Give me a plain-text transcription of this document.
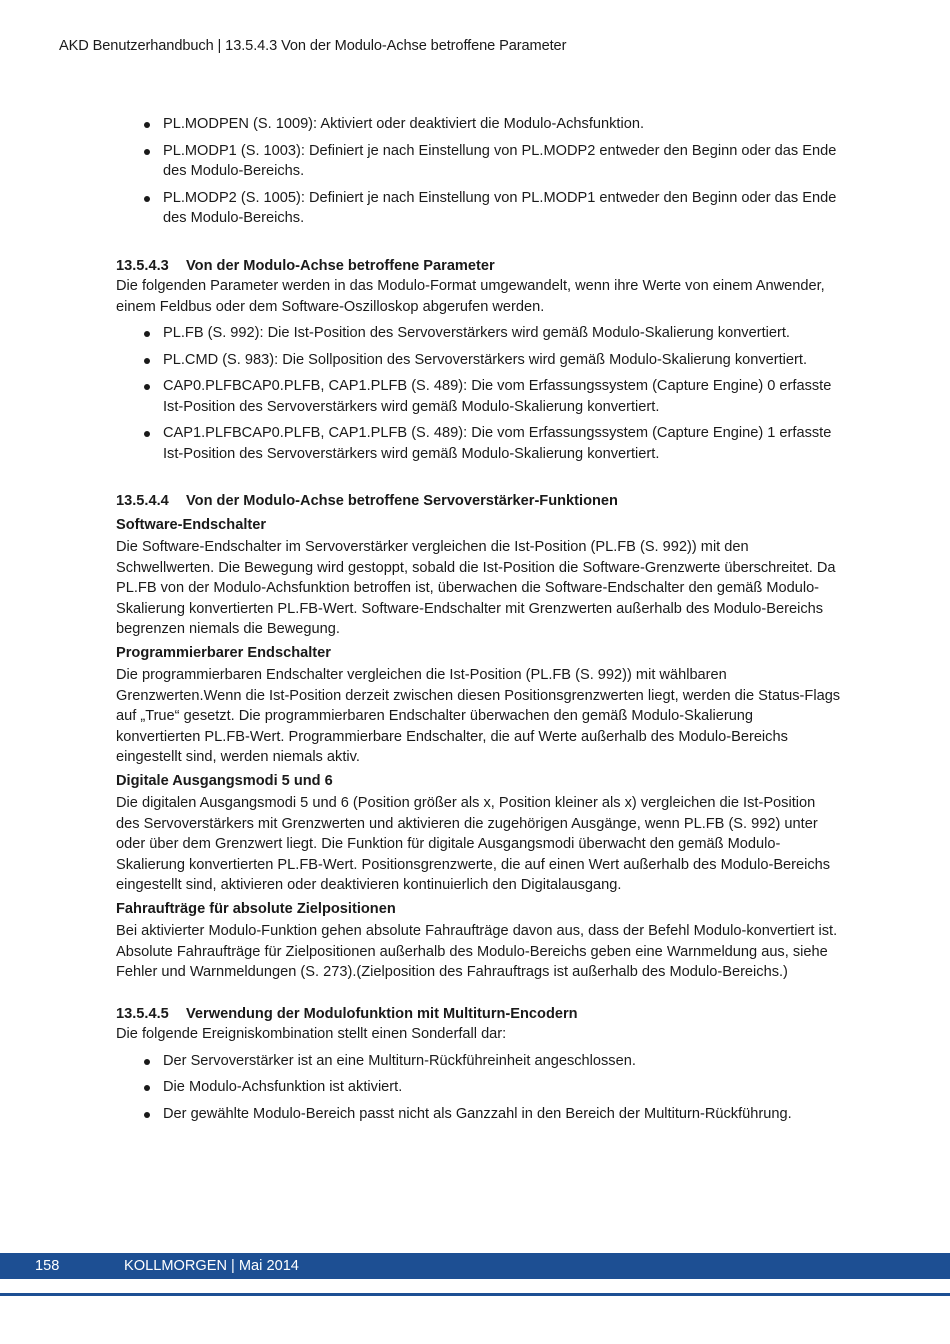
AKD Benutzerhandbuch | 13.5.4.3 Von der Modulo-Achse betroffene Parameter
PL.MODPEN (S. 1009): Aktiviert oder deaktiviert die Modulo-Achsfunktion.
PL.MODP1 (S. 1003): Definiert je nach Einstellung von PL.MODP2 entweder den Beginn oder das Ende des Modulo-Bereichs.
PL.MODP2 (S. 1005): Definiert je nach Einstellung von PL.MODP1 entweder den Beginn oder das Ende des Modulo-Bereichs.
13.5.4.3 Von der Modulo-Achse betroffene Parameter

Die folgenden Parameter werden in das Modulo-Format umgewandelt, wenn ihre Werte von einem Anwender, einem Feldbus oder dem Software-Oszilloskop abgerufen werden.

PL.FB (S. 992): Die Ist-Position des Servoverstärkers wird gemäß Modulo-Skalierung konvertiert.
PL.CMD (S. 983): Die Sollposition des Servoverstärkers wird gemäß Modulo-Skalierung konvertiert.
CAP0.PLFBCAP0.PLFB, CAP1.PLFB (S. 489): Die vom Erfassungssystem (Capture Engine) 0 erfasste Ist-Position des Servoverstärkers wird gemäß Modulo-Skalierung konvertiert.
CAP1.PLFBCAP0.PLFB, CAP1.PLFB (S. 489): Die vom Erfassungssystem (Capture Engine) 1 erfasste Ist-Position des Servoverstärkers wird gemäß Modulo-Skalierung konvertiert.
13.5.4.4 Von der Modulo-Achse betroffene Servoverstärker-Funktionen
Software-Endschalter

Die Software-Endschalter im Servoverstärker vergleichen die Ist-Position (PL.FB (S. 992)) mit den Schwellwerten. Die Bewegung wird gestoppt, sobald die Ist-Position die Software-Grenzwerte überschreitet. Da PL.FB von der Modulo-Achsfunktion betroffen ist, überwachen die Software-Endschalter den gemäß Modulo-Skalierung konvertierten PL.FB-Wert. Software-Endschalter mit Grenzwerten außerhalb des Modulo-Bereichs begrenzen niemals die Bewegung.

Programmierbarer Endschalter

Die programmierbaren Endschalter vergleichen die Ist-Position (PL.FB (S. 992)) mit wählbaren Grenzwerten.Wenn die Ist-Position derzeit zwischen diesen Positionsgrenzwerten liegt, werden die Status-Flags auf „True“ gesetzt. Die programmierbaren Endschalter überwachen den gemäß Modulo-Skalierung konvertierten PL.FB-Wert. Programmierbare Endschalter, die auf Werte außerhalb des Modulo-Bereichs eingestellt sind, werden niemals aktiv.

Digitale Ausgangsmodi 5 und 6

Die digitalen Ausgangsmodi 5 und 6 (Position größer als x, Position kleiner als x) vergleichen die Ist-Position des Servoverstärkers mit Grenzwerten und aktivieren die zugehörigen Ausgänge, wenn PL.FB (S. 992) unter oder über dem Grenzwert liegt. Die Funktion für digitale Ausgangsmodi überwacht den gemäß Modulo-Skalierung konvertierten PL.FB-Wert. Positionsgrenzwerte, die auf einen Wert außerhalb des Modulo-Bereichs eingestellt sind, aktivieren oder deaktivieren kontinuierlich den Digitalausgang.

Fahraufträge für absolute Zielpositionen

Bei aktivierter Modulo-Funktion gehen absolute Fahraufträge davon aus, dass der Befehl Modulo-konvertiert ist. Absolute Fahraufträge für Zielpositionen außerhalb des Modulo-Bereichs geben eine Warnmeldung aus, siehe Fehler und Warnmeldungen (S. 273).(Zielposition des Fahrauftrags ist außerhalb des Modulo-Bereichs.)

13.5.4.5 Verwendung der Modulofunktion mit Multiturn-Encodern

Die folgende Ereigniskombination stellt einen Sonderfall dar:

Der Servoverstärker ist an eine Multiturn-Rückführeinheit angeschlossen.
Die Modulo-Achsfunktion ist aktiviert.
Der gewählte Modulo-Bereich passt nicht als Ganzzahl in den Bereich der Multiturn-Rückführung.
158	KOLLMORGEN | Mai 2014
